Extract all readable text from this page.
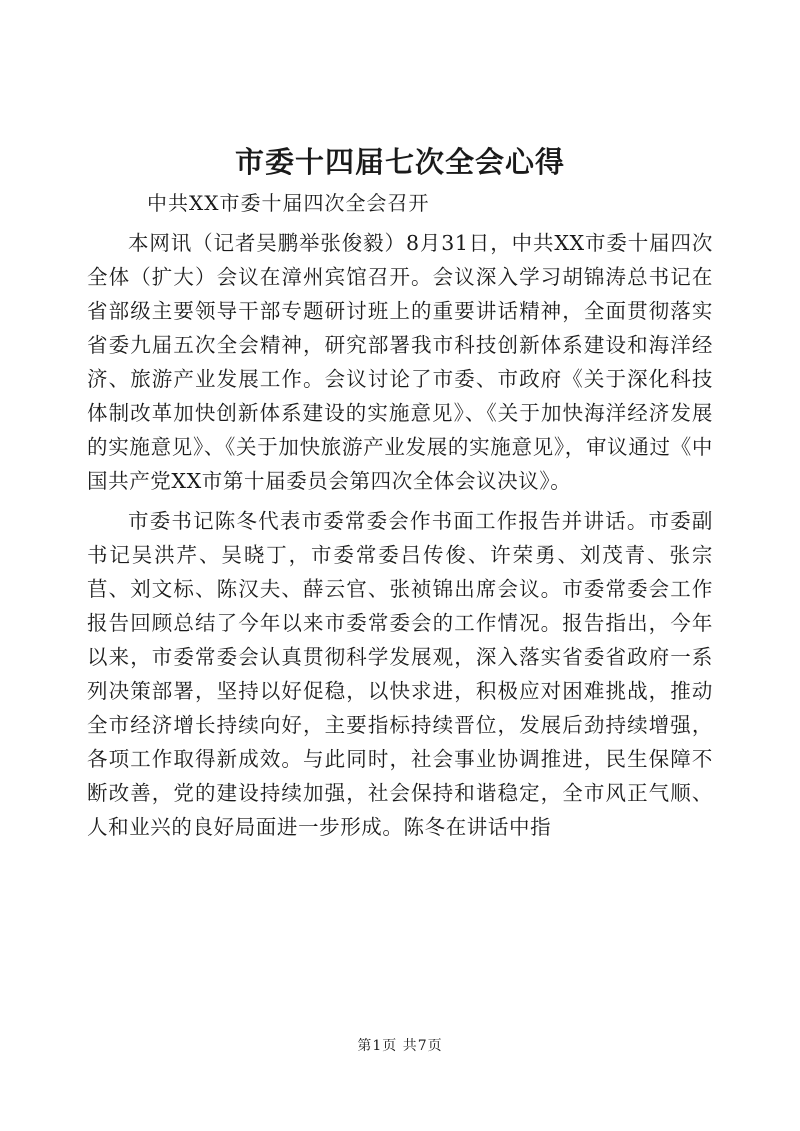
市委十四届七次全会心得

中共XX市委十届四次全会召开

本网讯（记者吴鹏举张俊毅）8月31日，中共XX市委十届四次全体（扩大）会议在漳州宾馆召开。会议深入学习胡锦涛总书记在省部级主要领导干部专题研讨班上的重要讲话精神，全面贯彻落实省委九届五次全会精神，研究部署我市科技创新体系建设和海洋经济、旅游产业发展工作。会议讨论了市委、市政府《关于深化科技体制改革加快创新体系建设的实施意见》、《关于加快海洋经济发展的实施意见》、《关于加快旅游产业发展的实施意见》，审议通过《中国共产党XX市第十届委员会第四次全体会议决议》。

市委书记陈冬代表市委常委会作书面工作报告并讲话。市委副书记吴洪芹、吴晓丁，市委常委吕传俊、许荣勇、刘茂青、张宗苢、刘文标、陈汉夫、薛云官、张祯锦出席会议。市委常委会工作报告回顾总结了今年以来市委常委会的工作情况。报告指出，今年以来，市委常委会认真贯彻科学发展观，深入落实省委省政府一系列决策部署，坚持以好促稳，以快求进，积极应对困难挑战，推动全市经济增长持续向好，主要指标持续晋位，发展后劲持续增强，各项工作取得新成效。与此同时，社会事业协调推进，民生保障不断改善，党的建设持续加强，社会保持和谐稳定，全市风正气顺、人和业兴的良好局面进一步形成。陈冬在讲话中指

第1页 共7页
